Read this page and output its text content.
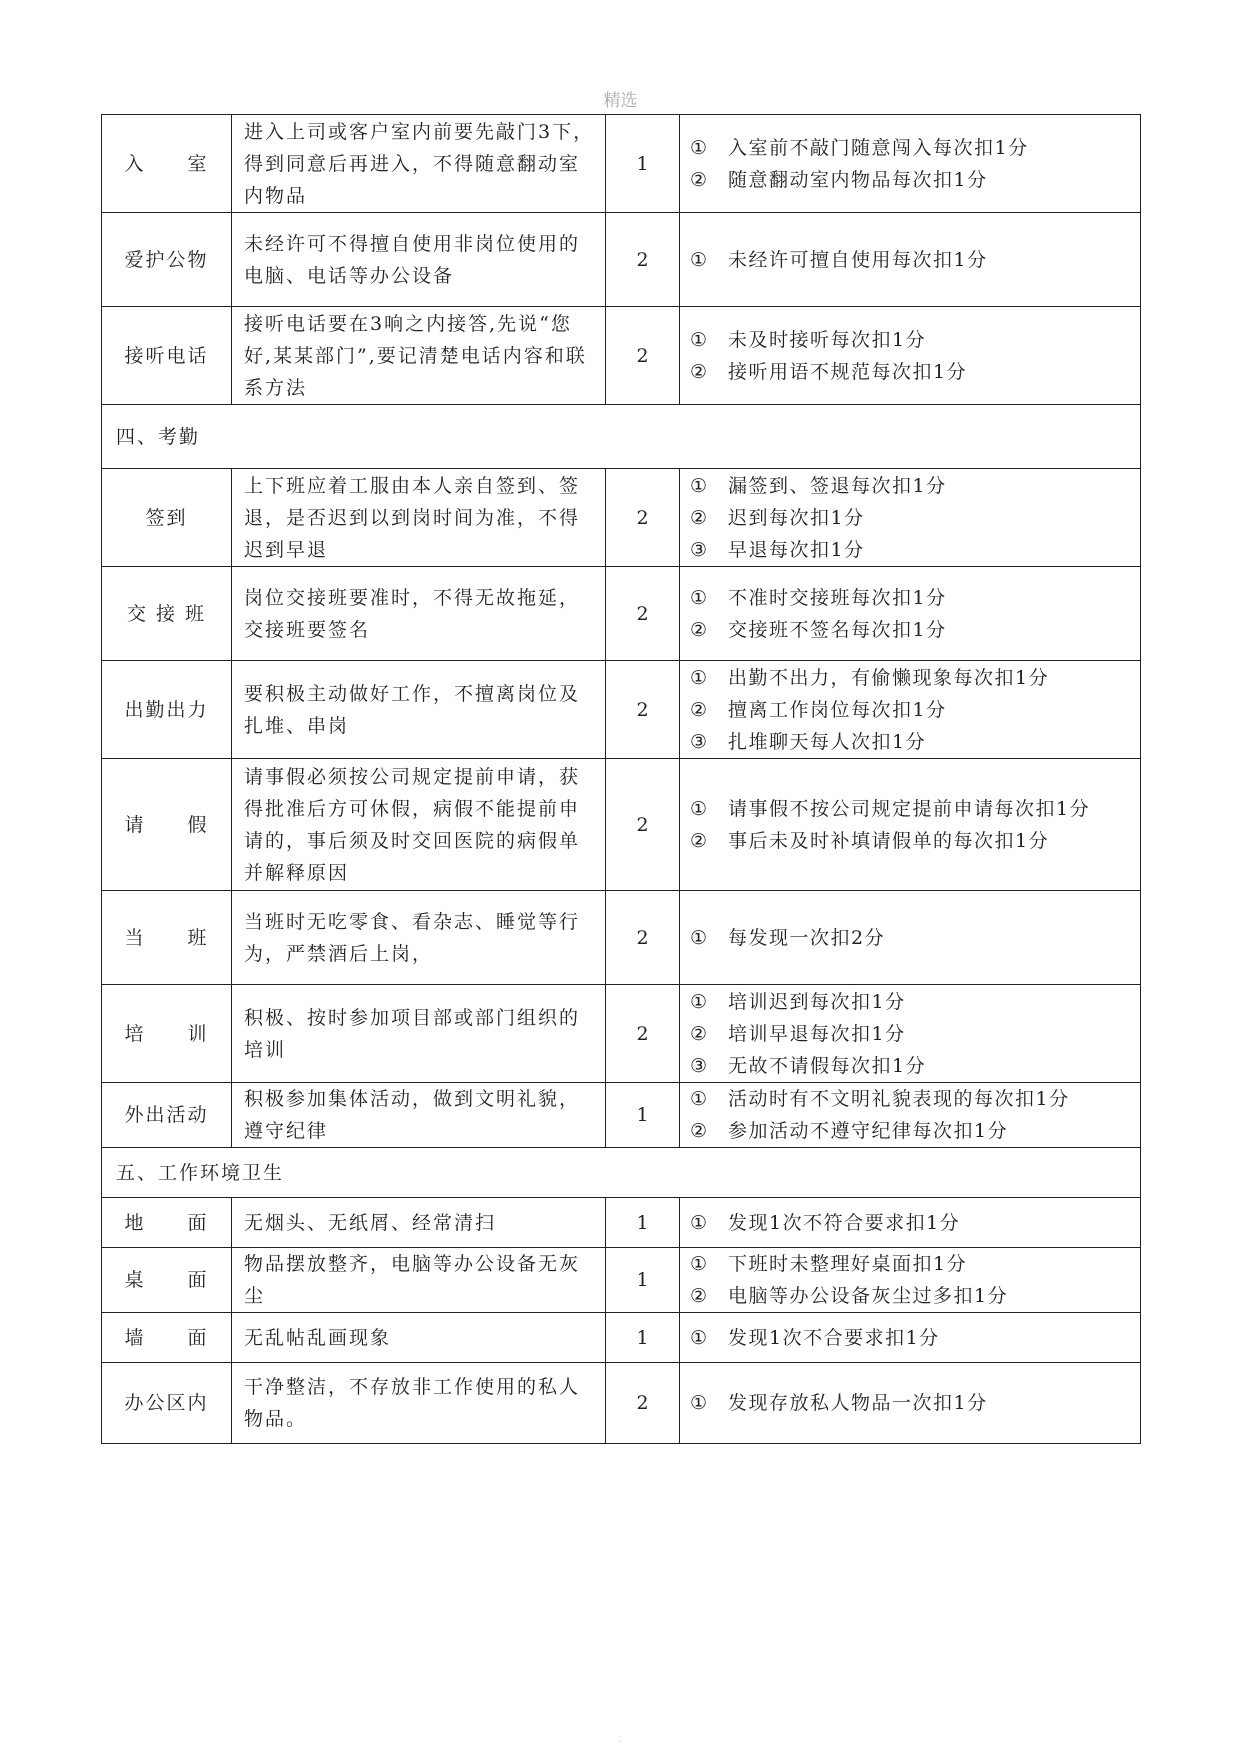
精选
入　　室	进入上司或客户室内前要先敲门3下，得到同意后再进入，不得随意翻动室内物品	1	① 入室前不敲门随意闯入每次扣1分
② 随意翻动室内物品每次扣1分

爱护公物	未经许可不得擅自使用非岗位使用的电脑、电话等办公设备	2	① 未经许可擅自使用每次扣1分

接听电话	接听电话要在3响之内接答,先说“您好,某某部门”,要记清楚电话内容和联系方法	2	① 未及时接听每次扣1分
② 接听用语不规范每次扣1分

四、考勤			
签到	上下班应着工服由本人亲自签到、签退，是否迟到以到岗时间为准，不得迟到早退	2	① 漏签到、签退每次扣1分
② 迟到每次扣1分
③ 早退每次扣1分

交 接 班	岗位交接班要准时，不得无故拖延，交接班要签名	2	① 不准时交接班每次扣1分
② 交接班不签名每次扣1分

出勤出力	要积极主动做好工作，不擅离岗位及扎堆、串岗	2	① 出勤不出力，有偷懒现象每次扣1分
② 擅离工作岗位每次扣1分
③ 扎堆聊天每人次扣1分

请　　假	请事假必须按公司规定提前申请，获得批准后方可休假，病假不能提前申请的，事后须及时交回医院的病假单并解释原因	2	① 请事假不按公司规定提前申请每次扣1分
② 事后未及时补填请假单的每次扣1分

当　　班	当班时无吃零食、看杂志、睡觉等行为，严禁酒后上岗，	2	① 每发现一次扣2分

培　　训	积极、按时参加项目部或部门组织的培训	2	① 培训迟到每次扣1分
② 培训早退每次扣1分
③ 无故不请假每次扣1分

外出活动	积极参加集体活动，做到文明礼貌，遵守纪律	1	① 活动时有不文明礼貌表现的每次扣1分
② 参加活动不遵守纪律每次扣1分

五、工作环境卫生			
地　　面	无烟头、无纸屑、经常清扫	1	① 发现1次不符合要求扣1分

桌　　面	物品摆放整齐，电脑等办公设备无灰尘	1	① 下班时未整理好桌面扣1分
② 电脑等办公设备灰尘过多扣1分

墙　　面	无乱帖乱画现象	1	① 发现1次不合要求扣1分

办公区内	干净整洁，不存放非工作使用的私人物品。	2	① 发现存放私人物品一次扣1分
.
